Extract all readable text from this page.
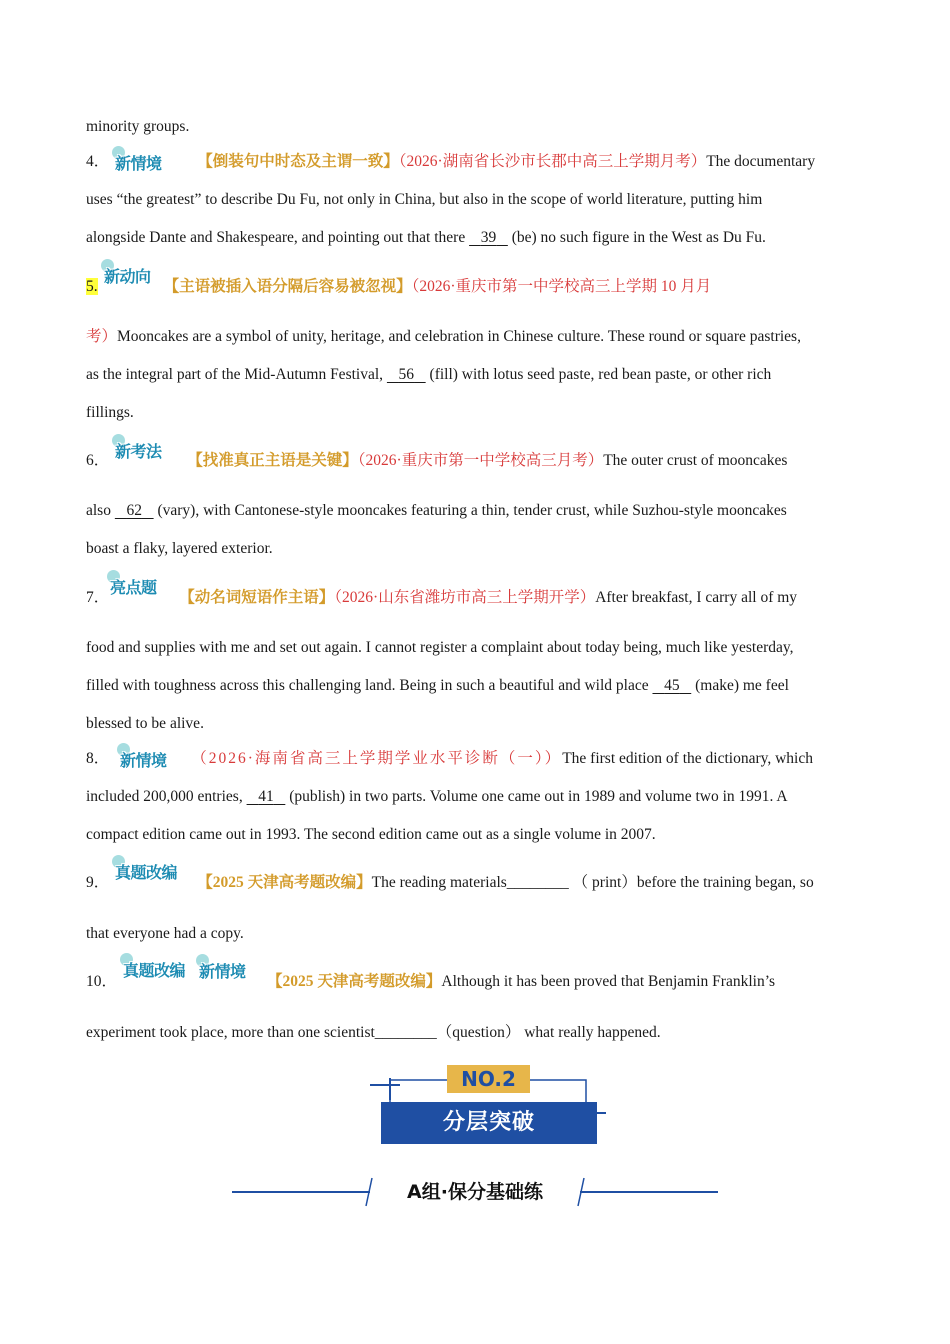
minority groups.
新情境
4．	【倒装句中时态及主谓一致】（2026·湖南省长沙市长郡中高三上学期月考）The documentary
uses “the greatest” to describe Du Fu, not only in China, but also in the scope of world literature, putting him
alongside Dante and Shakespeare, and pointing out that there 39 (be) no such figure in the West as Du Fu.
新动向
5.	【主语被插入语分隔后容易被忽视】（2026·重庆市第一中学校高三上学期 10 月月
考）Mooncakes are a symbol of unity, heritage, and celebration in Chinese culture. These round or square pastries,
as the integral part of the Mid-Autumn Festival, 56 (fill) with lotus seed paste, red bean paste, or other rich
fillings.
新考法
6．	【找准真正主语是关键】（2026·重庆市第一中学校高三月考）The outer crust of mooncakes
also 62 (vary), with Cantonese-style mooncakes featuring a thin, tender crust, while Suzhou-style mooncakes
boast a flaky, layered exterior.
亮点题
7．	【动名词短语作主语】（2026·山东省潍坊市高三上学期开学）After breakfast, I carry all of my
food and supplies with me and set out again. I cannot register a complaint about today being, much like yesterday,
filled with toughness across this challenging land. Being in such a beautiful and wild place 45 (make) me feel
blessed to be alive.
新情境
8．	（2026·海南省高三上学期学业水平诊断（一））The first edition of the dictionary, which
included 200,000 entries, 41 (publish) in two parts. Volume one came out in 1989 and volume two in 1991. A
compact edition came out in 1993. The second edition came out as a single volume in 2007.
真题改编
9．	【2025 天津高考题改编】The reading materials________ （ print）before the training began, so
that everyone had a copy.
真题改编 新情境
10．	【2025 天津高考题改编】Although it has been proved that Benjamin Franklin’s
experiment took place, more than one scientist________（question） what really happened.
NO.2
分层突破
A组·保分基础练
